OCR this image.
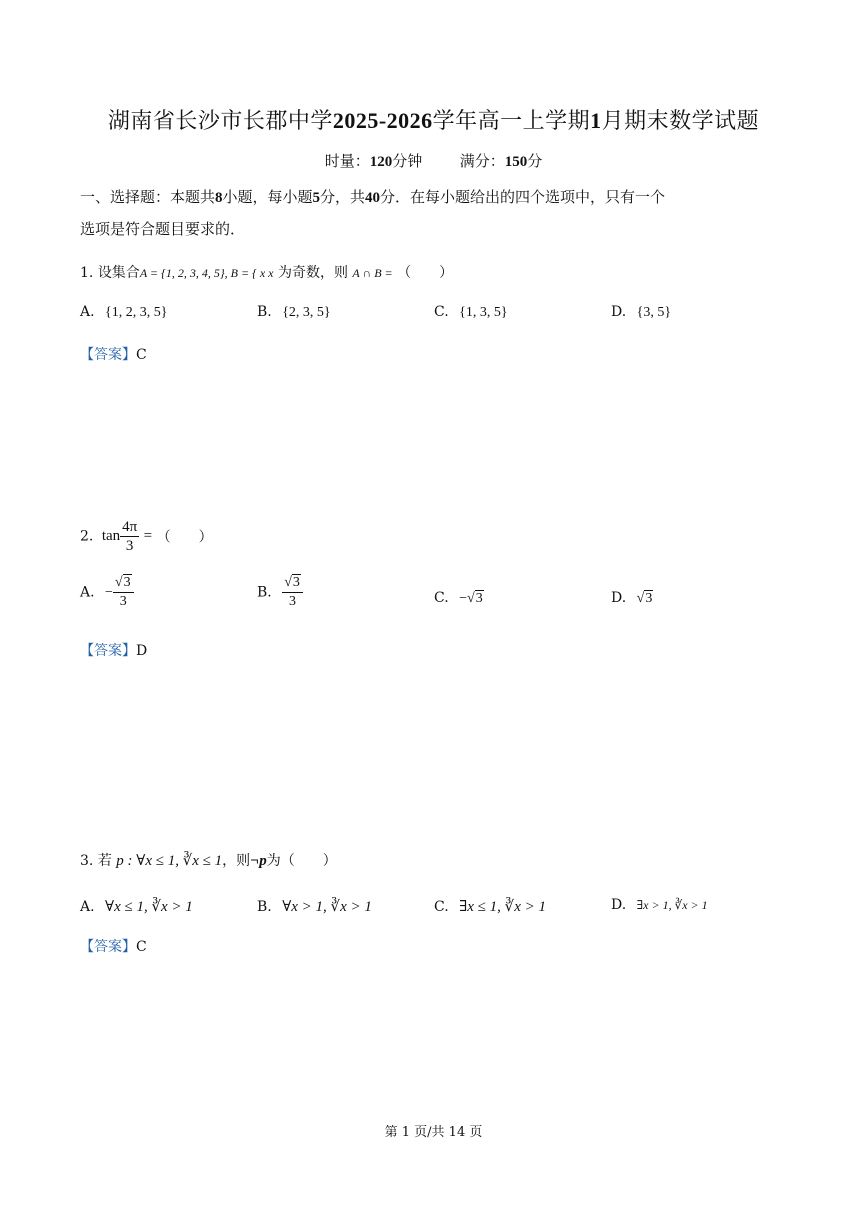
湖南省长沙市长郡中学2025-2026学年高一上学期1月期末数学试题
时量：120分钟	满分：150分
一、选择题：本题共8小题，每小题5分，共40分．在每小题给出的四个选项中，只有一个
选项是符合题目要求的．
1. 设集合A = {1, 2, 3, 4, 5}, B = { x x 为奇数，则 A ∩ B = （　　）
A. {1, 2, 3, 5}	B. {2, 3, 5}	C. {1, 3, 5}	D. {3, 5}
【答案】C
2. $\tan \frac{4\pi}{3}$ = （　　）
A. − $\frac{√3}{3}$	B. $\frac{√3}{3}$	C. −√3	D. √3
【答案】D
3. 若 p : ∀x ≤ 1, ∛x ≤ 1，则¬p为（　　）
A. ∀x ≤ 1, ∛x > 1	B. ∀x > 1, ∛x > 1	C. ∃x ≤ 1, ∛x > 1	D. ∃x > 1, ∛x > 1
【答案】C
第 1 页/共 14 页
